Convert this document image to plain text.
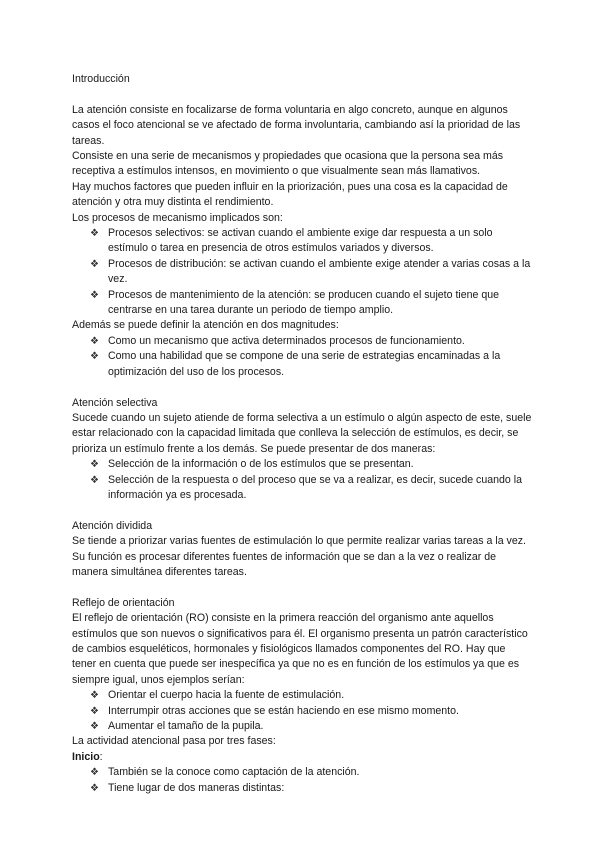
Introducción

La atención consiste en focalizarse de forma voluntaria en algo concreto, aunque en algunos casos el foco atencional se ve afectado de forma involuntaria, cambiando así la prioridad de las tareas.

Consiste en una serie de mecanismos y propiedades que ocasiona que la persona sea más receptiva a estímulos intensos, en movimiento o que visualmente sean más llamativos.

Hay muchos factores que pueden influir en la priorización, pues una cosa es la capacidad de atención y otra muy distinta el rendimiento.

Los procesos de mecanismo implicados son:

❖ Procesos selectivos: se activan cuando el ambiente exige dar respuesta a un solo estímulo o tarea en presencia de otros estímulos variados y diversos.
❖ Procesos de distribución: se activan cuando el ambiente exige atender a varias cosas a la vez.
❖ Procesos de mantenimiento de la atención: se producen cuando el sujeto tiene que centrarse en una tarea durante un periodo de tiempo amplio.

Además se puede definir la atención en dos magnitudes:

❖ Como un mecanismo que activa determinados procesos de funcionamiento.
❖ Como una habilidad que se compone de una serie de estrategias encaminadas a la optimización del uso de los procesos.

Atención selectiva

Sucede cuando un sujeto atiende de forma selectiva a un estímulo o algún aspecto de este, suele estar relacionado con la capacidad limitada que conlleva la selección de estímulos, es decir, se prioriza un estímulo frente a los demás. Se puede presentar de dos maneras:

❖ Selección de la información o de los estímulos que se presentan.
❖ Selección de la respuesta o del proceso que se va a realizar, es decir, sucede cuando la información ya es procesada.

Atención dividida

Se tiende a priorizar varias fuentes de estimulación lo que permite realizar varias tareas a la vez. Su función es procesar diferentes fuentes de información que se dan a la vez o realizar de manera simultánea diferentes tareas.

Reflejo de orientación

El reflejo de orientación (RO) consiste en la primera reacción del organismo ante aquellos estímulos que son nuevos o significativos para él. El organismo presenta un patrón característico de cambios esqueléticos, hormonales y fisiológicos llamados componentes del RO. Hay que tener en cuenta que puede ser inespecífica ya que no es en función de los estímulos ya que es siempre igual, unos ejemplos serían:

❖ Orientar el cuerpo hacia la fuente de estimulación.
❖ Interrumpir otras acciones que se están haciendo en ese mismo momento.
❖ Aumentar el tamaño de la pupila.

La actividad atencional pasa por tres fases:

Inicio:

❖ También se la conoce como captación de la atención.
❖ Tiene lugar de dos maneras distintas:
